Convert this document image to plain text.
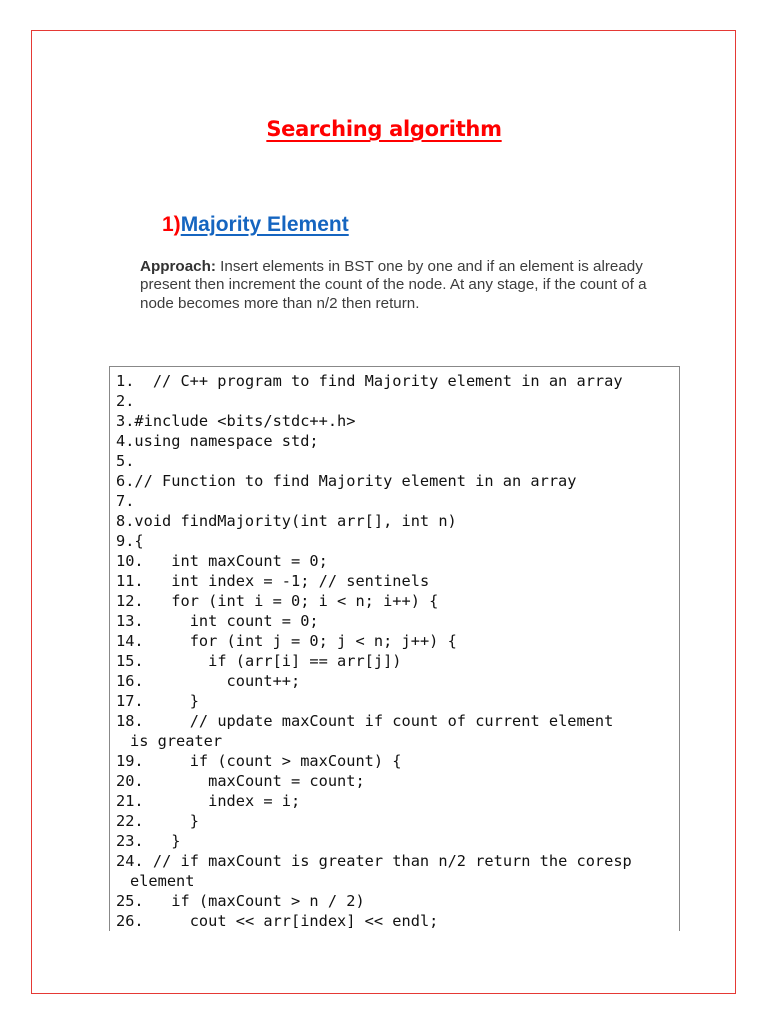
Searching algorithm
1)Majority Element
Approach: Insert elements in BST one by one and if an element is already present then increment the count of the node. At any stage, if the count of a node becomes more than n/2 then return.
1.
// C++ program to find Majority element in an array
2.
3. #include <bits/stdc++.h>
4. using namespace std;
5.
6. // Function to find Majority element in an array
7.
8. void findMajority(int arr[], int n)
9. {
10.
int maxCount = 0;
11.
int index = -1; // sentinels
12.
for (int i = 0; i < n; i++) {
13.
	int count = 0;
14.
	for (int j = 0; j < n; j++) {
15.
	if (arr[i] == arr[j])
16.
	count++;
17.
	}
18.
	// update maxCount if count of current element
is greater
19.
	if (count > maxCount) {
20.
	maxCount = count;
21.
	index = i;
22.
	}
23.
}
24.
// if maxCount is greater than n/2 return the coresp
element
25.
if (maxCount > n / 2)
26.
	cout << arr[index] << endl;
